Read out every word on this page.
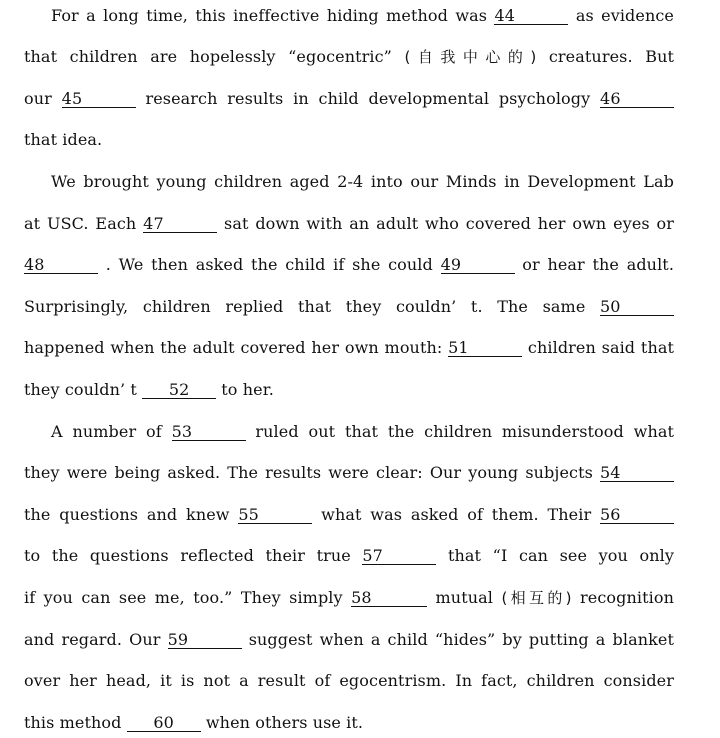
For a long time, this ineffective hiding method was 44	as evidence
that children are hopelessly “egocentric” (自我中心的) creatures. But
our 45	research results in child developmental psychology 46
that idea.
We brought young children aged 2-4 into our Minds in Development Lab
at USC. Each 47	sat down with an adult who covered her own eyes or
48	. We then asked the child if she could 49	or hear the adult.
Surprisingly, children replied that they couldn’ t. The same 50
happened when the adult covered her own mouth: 51	children said that
they couldn’ t 52 to her.
A number of 53	ruled out that the children misunderstood what
they were being asked. The results were clear: Our young subjects 54
the questions and knew 55	what was asked of them. Their 56
to the questions reflected their true 57	that “I can see you only
if you can see me, too.” They simply 58	mutual (相互的) recognition
and regard. Our 59	suggest when a child “hides” by putting a blanket
over her head, it is not a result of egocentrism. In fact, children consider
this method 60 when others use it.
